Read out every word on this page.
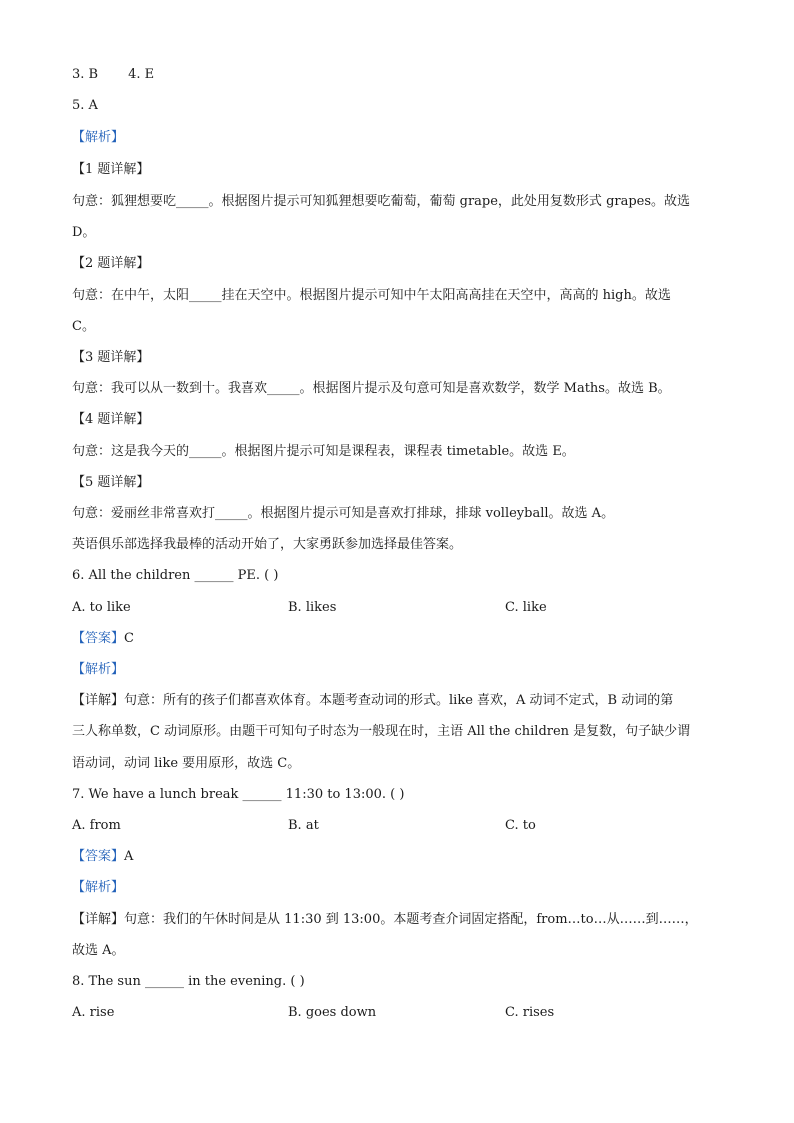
3. B 4. E
5. A
【解析】
【1 题详解】
句意：狐狸想要吃_____。根据图片提示可知狐狸想要吃葡萄，葡萄 grape，此处用复数形式 grapes。故选
D。
【2 题详解】
句意：在中午，太阳_____挂在天空中。根据图片提示可知中午太阳高高挂在天空中，高高的 high。故选
C。
【3 题详解】
句意：我可以从一数到十。我喜欢_____。根据图片提示及句意可知是喜欢数学，数学 Maths。故选 B。
【4 题详解】
句意：这是我今天的_____。根据图片提示可知是课程表，课程表 timetable。故选 E。
【5 题详解】
句意：爱丽丝非常喜欢打_____。根据图片提示可知是喜欢打排球，排球 volleyball。故选 A。
英语俱乐部选择我最棒的活动开始了，大家勇跃参加选择最佳答案。
6. All the children ______ PE. ( )
A. to like	B. likes	C. like
【答案】C
【解析】
【详解】句意：所有的孩子们都喜欢体育。本题考查动词的形式。like 喜欢，A 动词不定式，B 动词的第
三人称单数，C 动词原形。由题干可知句子时态为一般现在时，主语 All the children 是复数，句子缺少谓
语动词，动词 like 要用原形，故选 C。
7. We have a lunch break ______ 11:30 to 13:00. ( )
A. from	B. at	C. to
【答案】A
【解析】
【详解】句意：我们的午休时间是从 11:30 到 13:00。本题考查介词固定搭配，from…to…从……到……，
故选 A。
8. The sun ______ in the evening. ( )
A. rise	B. goes down	C. rises
